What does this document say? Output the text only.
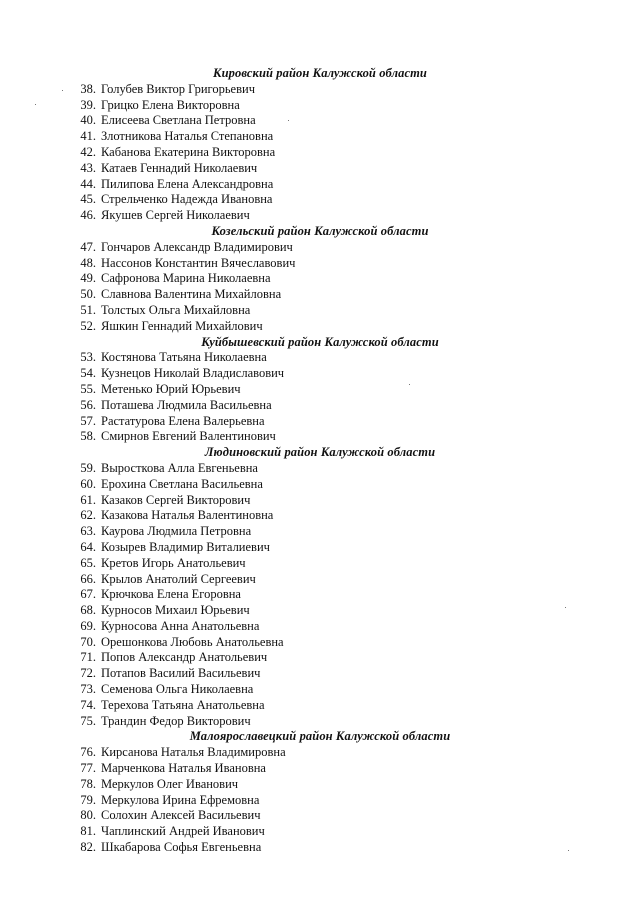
Кировский район Калужской области
38. Голубев Виктор Григорьевич
39. Грицко Елена Викторовна
40. Елисеева Светлана Петровна
41. Злотникова Наталья Степановна
42. Кабанова Екатерина Викторовна
43. Катаев Геннадий Николаевич
44. Пилипова Елена Александровна
45. Стрельченко Надежда Ивановна
46. Якушев Сергей Николаевич
Козельский район Калужской области
47. Гончаров Александр Владимирович
48. Нассонов Константин Вячеславович
49. Сафронова Марина Николаевна
50. Славнова Валентина Михайловна
51. Толстых Ольга Михайловна
52. Яшкин Геннадий Михайлович
Куйбышевский район Калужской области
53. Костянова Татьяна Николаевна
54. Кузнецов Николай Владиславович
55. Метенько Юрий Юрьевич
56. Поташева Людмила Васильевна
57. Растатурова Елена Валерьевна
58. Смирнов Евгений Валентинович
Людиновский район Калужской области
59. Выросткова Алла Евгеньевна
60. Ерохина Светлана Васильевна
61. Казаков Сергей Викторович
62. Казакова Наталья Валентиновна
63. Каурова Людмила Петровна
64. Козырев Владимир Виталиевич
65. Кретов Игорь Анатольевич
66. Крылов Анатолий Сергеевич
67. Крючкова Елена Егоровна
68. Курносов Михаил Юрьевич
69. Курносова Анна Анатольевна
70. Орешонкова Любовь Анатольевна
71. Попов Александр Анатольевич
72. Потапов Василий Васильевич
73. Семенова Ольга Николаевна
74. Терехова Татьяна Анатольевна
75. Трандин Федор Викторович
Малоярославецкий район Калужской области
76. Кирсанова Наталья Владимировна
77. Марченкова Наталья Ивановна
78. Меркулов Олег Иванович
79. Меркулова Ирина Ефремовна
80. Солохин Алексей Васильевич
81. Чаплинский Андрей Иванович
82. Шкабарова Софья Евгеньевна
